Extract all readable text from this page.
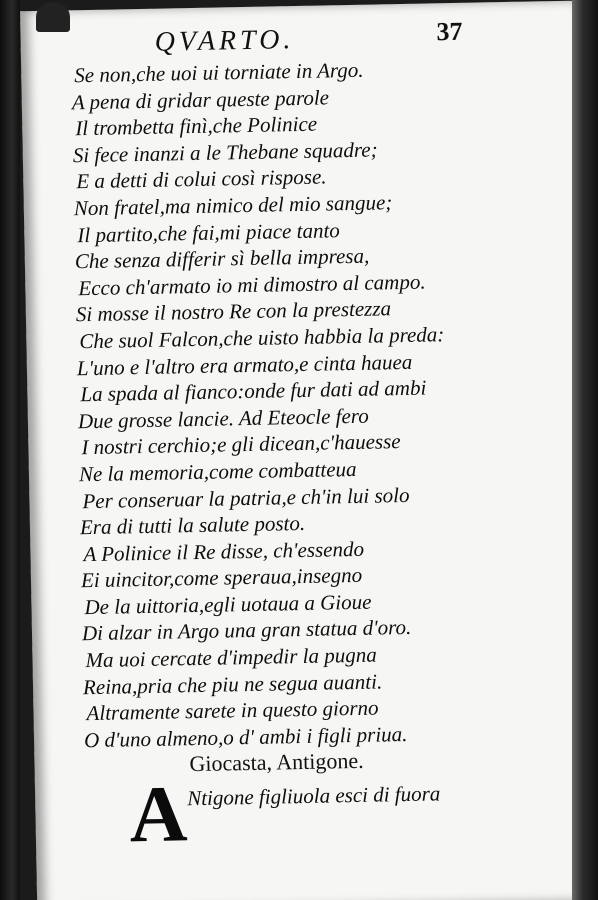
QVARTO.	37
Se non,che uoi ui torniate in Argo.
A pena di gridar queste parole
Il trombetta finì,che Polinice
Si fece inanzi a le Thebane squadre;
E a detti di colui così rispose.
Non fratel,ma nimico del mio sangue;
Il partito,che fai,mi piace tanto
Che senza differir sì bella impresa,
Ecco ch'armato io mi dimostro al campo.
Si mosse il nostro Re con la prestezza
Che suol Falcon,che uisto habbia la preda:
L'uno e l'altro era armato,e cinta hauea
La spada al fianco:onde fur dati ad ambi
Due grosse lancie. Ad Eteocle fero
I nostri cerchio;e gli dicean,c'hauesse
Ne la memoria,come combatteua
Per conseruar la patria,e ch'in lui solo
Era di tutti la salute posto.
A Polinice il Re disse, ch'essendo
Ei uincitor,come speraua,insegno
De la uittoria,egli uotaua a Gioue
Di alzar in Argo una gran statua d'oro.
Ma uoi cercate d'impedir la pugna
Reina,pria che piu ne segua auanti.
Altramente sarete in questo giorno
O d'uno almeno,o d' ambi i figli priua.
Giocasta, Antigone.
A
Ntigone figliuola esci di fuora
